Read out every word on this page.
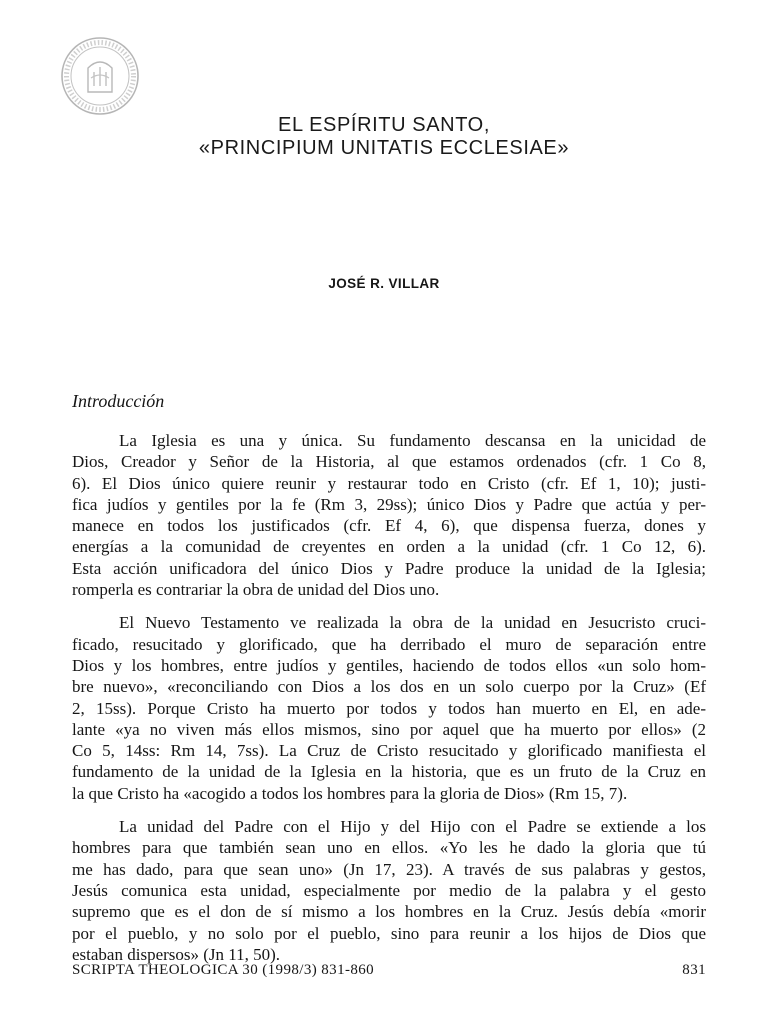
EL ESPÍRITU SANTO,
«PRINCIPIUM UNITATIS ECCLESIAE»
JOSÉ R. VILLAR
Introducción
La Iglesia es una y única. Su fundamento descansa en la unicidad de
Dios, Creador y Señor de la Historia, al que estamos ordenados (cfr. 1 Co 8,
6). El Dios único quiere reunir y restaurar todo en Cristo (cfr. Ef 1, 10); justi-
fica judíos y gentiles por la fe (Rm 3, 29ss); único Dios y Padre que actúa y per-
manece en todos los justificados (cfr. Ef 4, 6), que dispensa fuerza, dones y
energías a la comunidad de creyentes en orden a la unidad (cfr. 1 Co 12, 6).
Esta acción unificadora del único Dios y Padre produce la unidad de la Iglesia;
romperla es contrariar la obra de unidad del Dios uno.
El Nuevo Testamento ve realizada la obra de la unidad en Jesucristo cruci-
ficado, resucitado y glorificado, que ha derribado el muro de separación entre
Dios y los hombres, entre judíos y gentiles, haciendo de todos ellos «un solo hom-
bre nuevo», «reconciliando con Dios a los dos en un solo cuerpo por la Cruz» (Ef
2, 15ss). Porque Cristo ha muerto por todos y todos han muerto en El, en ade-
lante «ya no viven más ellos mismos, sino por aquel que ha muerto por ellos» (2
Co 5, 14ss: Rm 14, 7ss). La Cruz de Cristo resucitado y glorificado manifiesta el
fundamento de la unidad de la Iglesia en la historia, que es un fruto de la Cruz en
la que Cristo ha «acogido a todos los hombres para la gloria de Dios» (Rm 15, 7).
La unidad del Padre con el Hijo y del Hijo con el Padre se extiende a los
hombres para que también sean uno en ellos. «Yo les he dado la gloria que tú
me has dado, para que sean uno» (Jn 17, 23). A través de sus palabras y gestos,
Jesús comunica esta unidad, especialmente por medio de la palabra y el gesto
supremo que es el don de sí mismo a los hombres en la Cruz. Jesús debía «morir
por el pueblo, y no solo por el pueblo, sino para reunir a los hijos de Dios que
estaban dispersos» (Jn 11, 50).
SCRIPTA THEOLOGICA 30 (1998/3) 831-860	831
